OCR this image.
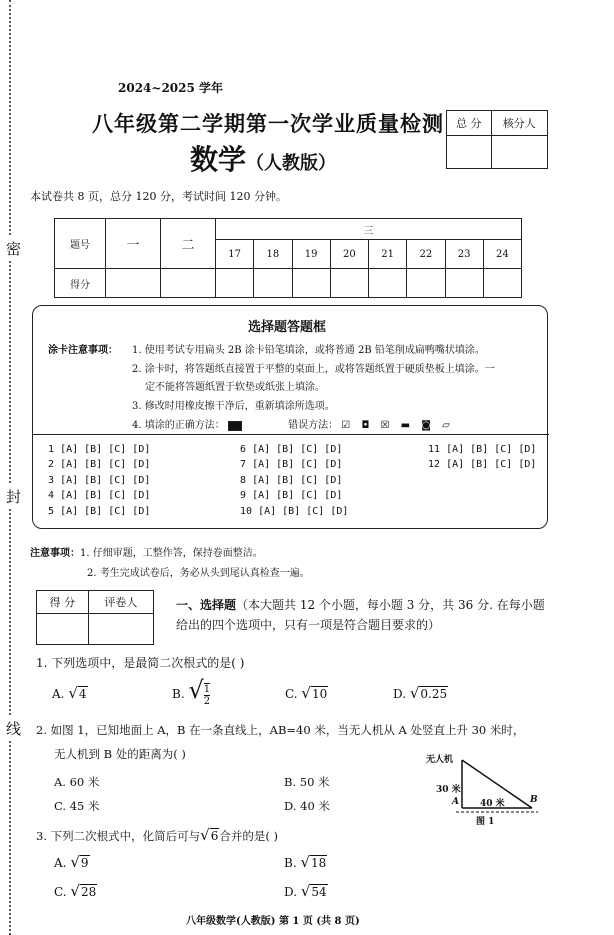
密
封
线
2024~2025 学年
八年级第二学期第一次学业质量检测
数学（人教版）
总 分	核分人

本试卷共 8 页，总分 120 分，考试时间 120 分钟。
题号	一	二	三							
			17	18	19	20	21	22	23	24
得分										
选择题答题框
涂卡注意事项： 1. 使用考试专用扁头 2B 涂卡铅笔填涂，或将普通 2B 铅笔削成扁鸭嘴状填涂。
2. 涂卡时，将答题纸直接置于平整的桌面上，或将答题纸置于硬质垫板上填涂。一
定不能将答题纸置于软垫或纸张上填涂。
3. 修改时用橡皮擦干净后，重新填涂所选项。
4. 填涂的正确方法：	错误方法： ☑ ◘ ☒ ▬ ◙ ▱
1 [A] [B] [C] [D]
2 [A] [B] [C] [D]
3 [A] [B] [C] [D]
4 [A] [B] [C] [D]
5 [A] [B] [C] [D]
6 [A] [B] [C] [D]
7 [A] [B] [C] [D]
8 [A] [B] [C] [D]
9 [A] [B] [C] [D]
10 [A] [B] [C] [D]
11 [A] [B] [C] [D]
12 [A] [B] [C] [D]
注意事项：1. 仔细审题，工整作答，保持卷面整洁。
2. 考生完成试卷后，务必从头到尾认真检查一遍。
得 分	评卷人
		一、选择题（本大题共 12 个小题，每小题 3 分，共 36 分. 在每小题
给出的四个选项中，只有一项是符合题目要求的）
1. 下列选项中，是最简二次根式的是( )
A. √4	B. √ $\frac{1}{2}$	C. √10	D. √0.25
2. 如图 1，已知地面上 A，B 在一条直线上，AB=40 米，当无人机从 A 处竖直上升 30 米时，
无人机到 B 处的距离为( )
A. 60 米	B. 50 米
C. 45 米	D. 40 米
无人机
30 米
40 米
A	B
图 1
3. 下列二次根式中，化简后可与√6合并的是( )
A. √9	B. √18
C. √28	D. √54
八年级数学(人教版) 第 1 页 (共 8 页)
